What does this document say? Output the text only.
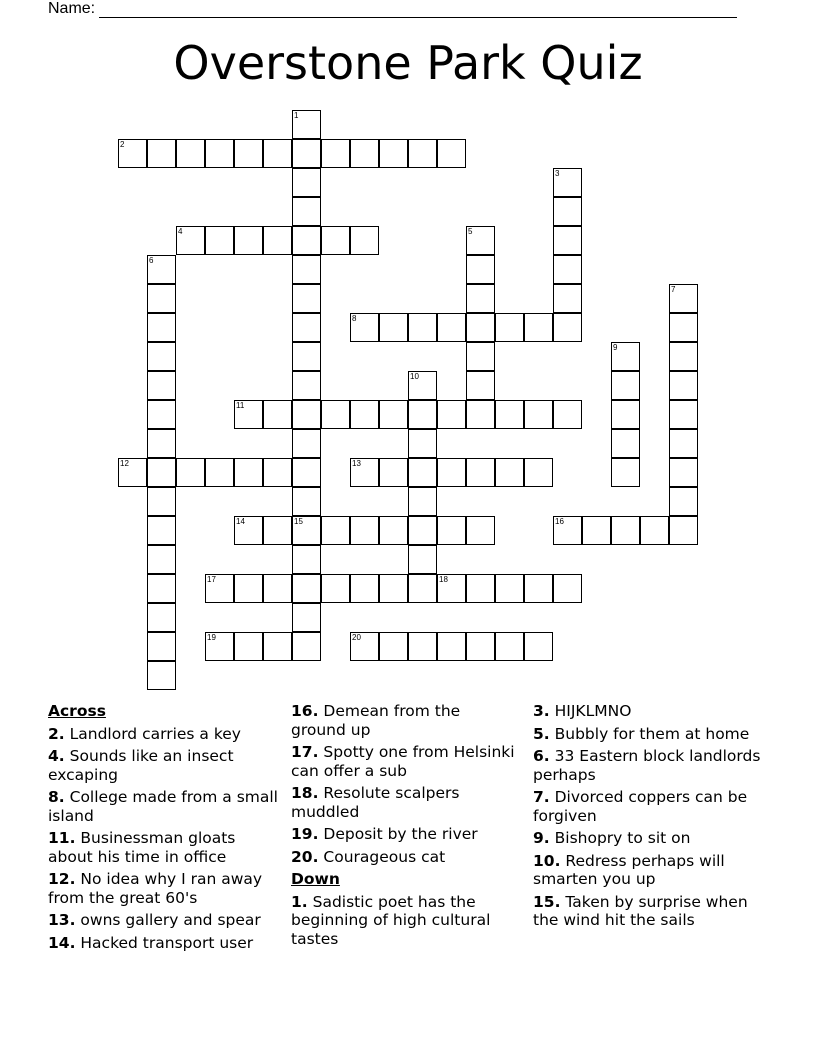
Name:
Overstone Park Quiz
2
4
8
11
12	13
14	15	16
17	18
19	20
1
3
5
6
7
9
10
Across
2. Landlord carries a key
4. Sounds like an insect excaping
8. College made from a small island
11. Businessman gloats about his time in office
12. No idea why I ran away from the great 60's
13. owns gallery and spear
14. Hacked transport user
16. Demean from the ground up
17. Spotty one from Helsinki can offer a sub
18. Resolute scalpers muddled
19. Deposit by the river
20. Courageous cat
Down
1. Sadistic poet has the beginning of high cultural tastes
3. HIJKLMNO
5. Bubbly for them at home
6. 33 Eastern block landlords perhaps
7. Divorced coppers can be forgiven
9. Bishopry to sit on
10. Redress perhaps will smarten you up
15. Taken by surprise when the wind hit the sails
